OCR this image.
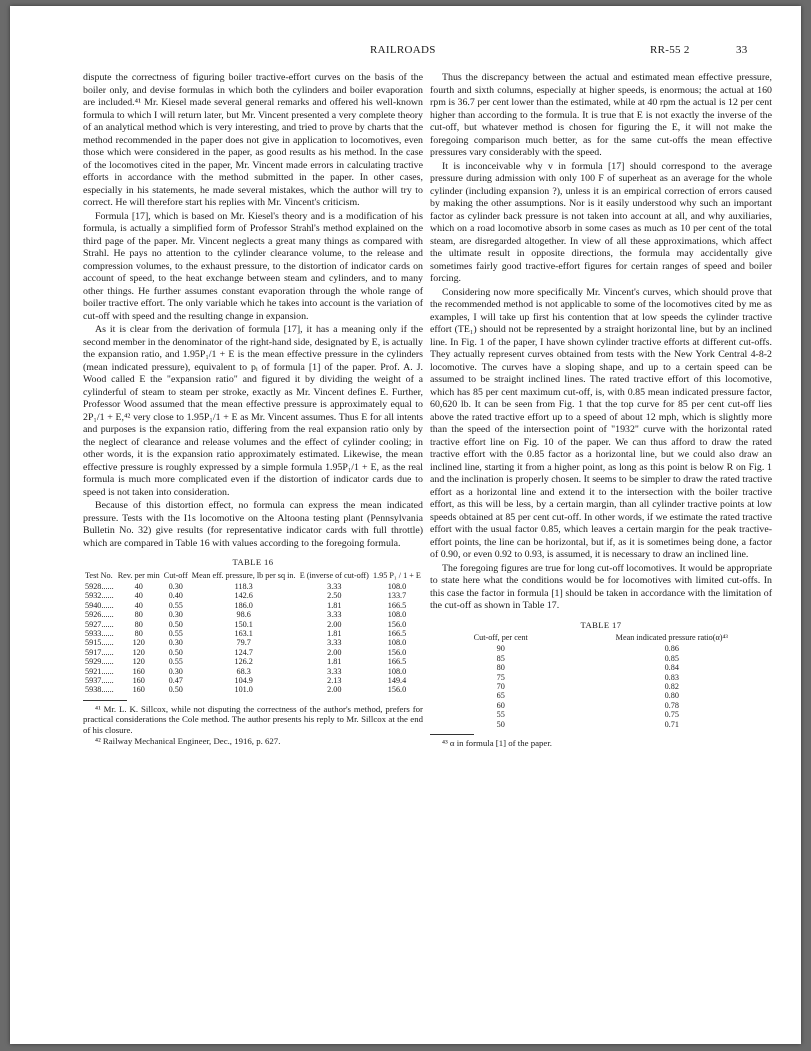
RAILROADS	RR-55 2	33

dispute the correctness of figuring boiler tractive-effort curves on the basis of the boiler only, and devise formulas in which both the cylinders and boiler evaporation are included.⁴¹ Mr. Kiesel made several general remarks and offered his well-known formula to which I will return later, but Mr. Vincent presented a very complete theory of an analytical method which is very interesting, and tried to prove by charts that the method recommended in the paper does not give in application to locomotives, even those which were considered in the paper, as good results as his method. In the case of the locomotives cited in the paper, Mr. Vincent made errors in calculating tractive efforts in accordance with the method submitted in the paper. In other cases, especially in his statements, he made several mistakes, which the author will try to correct. He will therefore start his replies with Mr. Vincent's criticism.

Formula [17], which is based on Mr. Kiesel's theory and is a modification of his formula, is actually a simplified form of Professor Strahl's method explained on the third page of the paper. Mr. Vincent neglects a great many things as compared with Strahl. He pays no attention to the cylinder clearance volume, to the release and compression volumes, to the exhaust pressure, to the distortion of indicator cards on account of speed, to the heat exchange between steam and cylinders, and to many other things. He further assumes constant evaporation through the whole range of boiler tractive effort. The only variable which he takes into account is the variation of cut-off with speed and the resulting change in expansion.

As it is clear from the derivation of formula [17], it has a meaning only if the second member in the denominator of the right-hand side, designated by E, is actually the expansion ratio, and 1.95P₁/1 + E is the mean effective pressure in the cylinders (mean indicated pressure), equivalent to pᵢ of formula [1] of the paper. Prof. A. J. Wood called E the "expansion ratio" and figured it by dividing the weight of a cylinderful of steam to steam per stroke, exactly as Mr. Vincent defines E. Further, Professor Wood assumed that the mean effective pressure is approximately equal to 2P₁/1 + E,⁴² very close to 1.95P₁/1 + E as Mr. Vincent assumes. Thus E for all intents and purposes is the expansion ratio, differing from the real expansion ratio only by the neglect of clearance and release volumes and the effect of cylinder cooling; in other words, it is the expansion ratio approximately estimated. Likewise, the mean effective pressure is roughly expressed by a simple formula 1.95P₁/1 + E, as the real formula is much more complicated even if the distortion of indicator cards due to speed is not taken into consideration.

Because of this distortion effect, no formula can express the mean indicated pressure. Tests with the I1s locomotive on the Altoona testing plant (Pennsylvania Bulletin No. 32) give results (for representative indicator cards with full throttle) which are compared in Table 16 with values according to the foregoing formula.

TABLE 16
Test No.	Rev. per min	Cut-off	Mean eff. pressure, lb per sq in.	E (inverse of cut-off)	1.95 P₁ / 1 + E
5928......	40	0.30	118.3	3.33	108.0
5932......	40	0.40	142.6	2.50	133.7
5940......	40	0.55	186.0	1.81	166.5
5926......	80	0.30	98.6	3.33	108.0
5927......	80	0.50	150.1	2.00	156.0
5933......	80	0.55	163.1	1.81	166.5
5915......	120	0.30	79.7	3.33	108.0
5917......	120	0.50	124.7	2.00	156.0
5929......	120	0.55	126.2	1.81	166.5
5921......	160	0.30	68.3	3.33	108.0
5937......	160	0.47	104.9	2.13	149.4
5938......	160	0.50	101.0	2.00	156.0

⁴¹ Mr. L. K. Sillcox, while not disputing the correctness of the author's method, prefers for practical considerations the Cole method. The author presents his reply to Mr. Sillcox at the end of his closure.

⁴² Railway Mechanical Engineer, Dec., 1916, p. 627.

Thus the discrepancy between the actual and estimated mean effective pressure, fourth and sixth columns, especially at higher speeds, is enormous; the actual at 160 rpm is 36.7 per cent lower than the estimated, while at 40 rpm the actual is 12 per cent higher than according to the formula. It is true that E is not exactly the inverse of the cut-off, but whatever method is chosen for figuring the E, it will not make the foregoing comparison much better, as for the same cut-offs the mean effective pressures vary considerably with the speed.

It is inconceivable why v in formula [17] should correspond to the average pressure during admission with only 100 F of superheat as an average for the whole cylinder (including expansion ?), unless it is an empirical correction of errors caused by making the other assumptions. Nor is it easily understood why such an important factor as cylinder back pressure is not taken into account at all, and why auxiliaries, which on a road locomotive absorb in some cases as much as 10 per cent of the total steam, are disregarded altogether. In view of all these approximations, which affect the ultimate result in opposite directions, the formula may accidentally give sometimes fairly good tractive-effort figures for certain ranges of speed and boiler forcing.

Considering now more specifically Mr. Vincent's curves, which should prove that the recommended method is not applicable to some of the locomotives cited by me as examples, I will take up first his contention that at low speeds the cylinder tractive effort (TE₁) should not be represented by a straight horizontal line, but by an inclined line. In Fig. 1 of the paper, I have shown cylinder tractive efforts at different cut-offs. They actually represent curves obtained from tests with the New York Central 4-8-2 locomotive. The curves have a sloping shape, and up to a certain speed can be assumed to be straight inclined lines. The rated tractive effort of this locomotive, which has 85 per cent maximum cut-off, is, with 0.85 mean indicated pressure factor, 60,620 lb. It can be seen from Fig. 1 that the top curve for 85 per cent cut-off lies above the rated tractive effort up to a speed of about 12 mph, which is slightly more than the speed of the intersection point of "1932" curve with the horizontal rated tractive effort line on Fig. 10 of the paper. We can thus afford to draw the rated tractive effort with the 0.85 factor as a horizontal line, but we could also draw an inclined line, starting it from a higher point, as long as this point is below R on Fig. 1 and the inclination is properly chosen. It seems to be simpler to draw the rated tractive effort as a horizontal line and extend it to the intersection with the boiler tractive effort, as this will be less, by a certain margin, than all cylinder tractive points at low speeds obtained at 85 per cent cut-off. In other words, if we estimate the rated tractive effort with the usual factor 0.85, which leaves a certain margin for the peak tractive-effort points, the line can be horizontal, but if, as it is sometimes being done, a factor of 0.90, or even 0.92 to 0.93, is assumed, it is necessary to draw an inclined line.

The foregoing figures are true for long cut-off locomotives. It would be appropriate to state here what the conditions would be for locomotives with limited cut-offs. In this case the factor in formula [1] should be taken in accordance with the limitation of the cut-off as shown in Table 17.

TABLE 17
Cut-off, per cent	Mean indicated pressure ratio(α)⁴³
90	0.86
85	0.85
80	0.84
75	0.83
70	0.82
65	0.80
60	0.78
55	0.75
50	0.71

⁴³ α in formula [1] of the paper.
